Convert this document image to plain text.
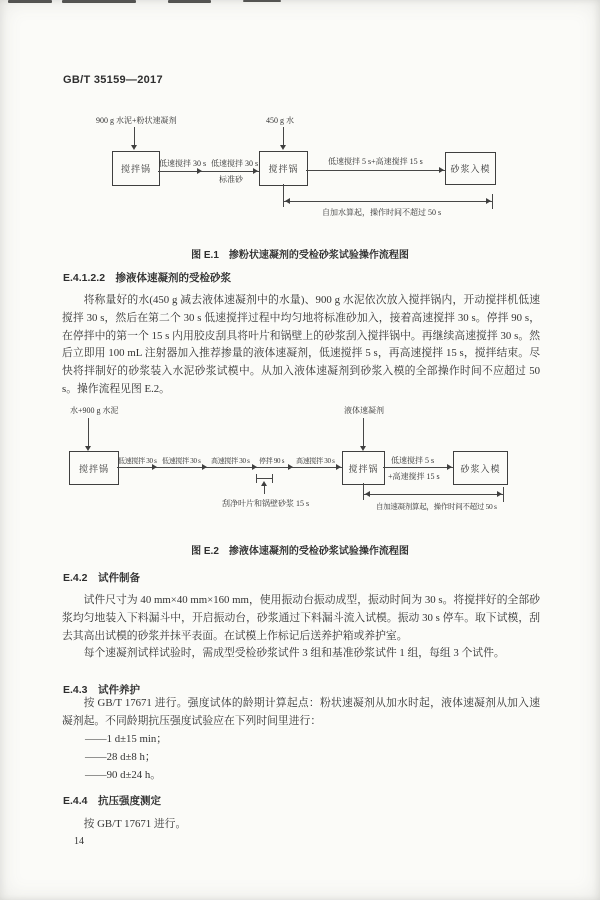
GB/T 35159—2017
900 g 水泥+粉状速凝剂	450 g 水
搅拌锅	搅拌锅	砂浆入模
低速搅拌 30 s 低速搅拌 30 s
标准砂
低速搅拌 5 s+高速搅拌 15 s
自加水算起，操作时间不超过 50 s
图 E.1　掺粉状速凝剂的受检砂浆试验操作流程图
E.4.1.2.2　掺液体速凝剂的受检砂浆

将称量好的水(450 g 减去液体速凝剂中的水量)、900 g 水泥依次放入搅拌锅内，开动搅拌机低速搅拌 30 s，然后在第二个 30 s 低速搅拌过程中均匀地将标准砂加入，接着高速搅拌 30 s。停拌 90 s，在停拌中的第一个 15 s 内用胶皮刮具将叶片和锅壁上的砂浆刮入搅拌锅中。再继续高速搅拌 30 s。然后立即用 100 mL 注射器加入推荐掺量的液体速凝剂，低速搅拌 5 s，再高速搅拌 15 s，搅拌结束。尽快将拌制好的砂浆装入水泥砂浆试模中。从加入液体速凝剂到砂浆入模的全部操作时间不应超过 50 s。操作流程见图 E.2。

水+900 g 水泥	液体速凝剂
搅拌锅	搅拌锅	砂浆入模
低速搅拌 30 s 低速搅拌 30 s 高速搅拌 30 s 停拌 90 s 高速搅拌 30 s
刮净叶片和锅壁砂浆 15 s
低速搅拌 5 s
+高速搅拌 15 s
自加速凝剂算起，操作时间不超过 50 s
图 E.2　掺液体速凝剂的受检砂浆试验操作流程图
E.4.2　试件制备

试件尺寸为 40 mm×40 mm×160 mm，使用振动台振动成型，振动时间为 30 s。将搅拌好的全部砂浆均匀地装入下料漏斗中，开启振动台，砂浆通过下料漏斗流入试模。振动 30 s 停车。取下试模，刮去其高出试模的砂浆并抹平表面。在试模上作标记后送养护箱或养护室。

每个速凝剂试样试验时，需成型受检砂浆试件 3 组和基准砂浆试件 1 组，每组 3 个试件。

E.4.3　试件养护

按 GB/T 17671 进行。强度试体的龄期计算起点：粉状速凝剂从加水时起，液体速凝剂从加入速凝剂起。不同龄期抗压强度试验应在下列时间里进行：

——1 d±15 min；
——28 d±8 h；
——90 d±24 h。
E.4.4　抗压强度测定

按 GB/T 17671 进行。

14
